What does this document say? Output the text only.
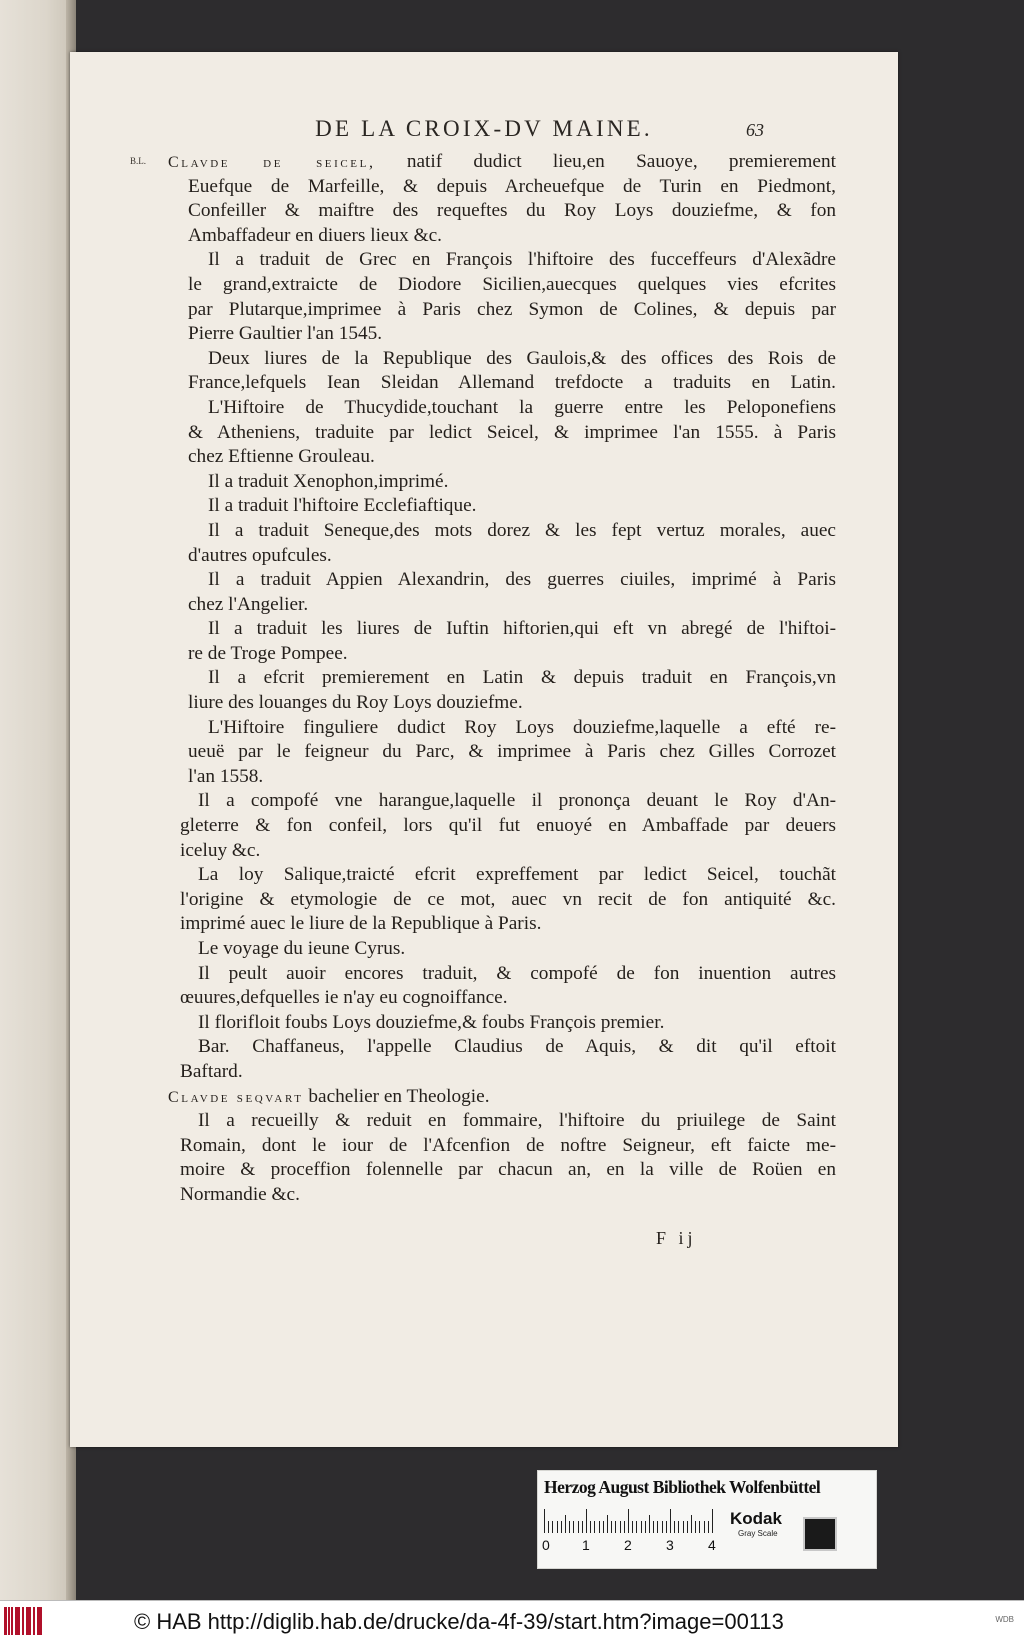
DE LA CROIX-DV MAINE.	63
B.L. Clavde de seicel, natif dudict lieu,en Sauoye, premierement
Euefque de Marfeille, & depuis Archeuefque de Turin en Piedmont,
Confeiller & maiftre des requeftes du Roy Loys douziefme, & fon
Ambaffadeur en diuers lieux &c.
Il a traduit de Grec en François l'hiftoire des fucceffeurs d'Alexãdre
le grand,extraicte de Diodore Sicilien,auecques quelques vies efcrites
par Plutarque,imprimee à Paris chez Symon de Colines, & depuis par
Pierre Gaultier l'an 1545.
Deux liures de la Republique des Gaulois,& des offices des Rois de
France,lefquels Iean Sleidan Allemand trefdocte a traduits en Latin.
L'Hiftoire de Thucydide,touchant la guerre entre les Peloponefiens
& Atheniens, traduite par ledict Seicel, & imprimee l'an 1555. à Paris
chez Eftienne Grouleau.
Il a traduit Xenophon,imprimé.
Il a traduit l'hiftoire Ecclefiaftique.
Il a traduit Seneque,des mots dorez & les fept vertuz morales, auec
d'autres opufcules.
Il a traduit Appien Alexandrin, des guerres ciuiles, imprimé à Paris
chez l'Angelier.
Il a traduit les liures de Iuftin hiftorien,qui eft vn abregé de l'hiftoi-
re de Troge Pompee.
Il a efcrit premierement en Latin & depuis traduit en François,vn
liure des louanges du Roy Loys douziefme.
L'Hiftoire finguliere dudict Roy Loys douziefme,laquelle a efté re-
ueuë par le feigneur du Parc, & imprimee à Paris chez Gilles Corrozet
l'an 1558.
Il a compofé vne harangue,laquelle il prononça deuant le Roy d'An-
gleterre & fon confeil, lors qu'il fut enuoyé en Ambaffade par deuers
iceluy &c.
La loy Salique,traicté efcrit expreffement par ledict Seicel, touchãt
l'origine & etymologie de ce mot, auec vn recit de fon antiquité &c.
imprimé auec le liure de la Republique à Paris.
Le voyage du ieune Cyrus.
Il peult auoir encores traduit, & compofé de fon inuention autres
œuures,defquelles ie n'ay eu cognoiffance.
Il florifloit foubs Loys douziefme,& foubs François premier.
Bar. Chaffaneus, l'appelle Claudius de Aquis, & dit qu'il eftoit
Baftard.
Clavde seqvart bachelier en Theologie.
Il a recueilly & reduit en fommaire, l'hiftoire du priuilege de Saint
Romain, dont le iour de l'Afcenfion de noftre Seigneur, eft faicte me-
moire & proceffion folennelle par chacun an, en la ville de Roüen en
Normandie &c.
F ij
Herzog August Bibliothek Wolfenbüttel
0 1 2 3 4
Kodak
Gray Scale
© HAB http://diglib.hab.de/drucke/da-4f-39/start.htm?image=00113	WDB
